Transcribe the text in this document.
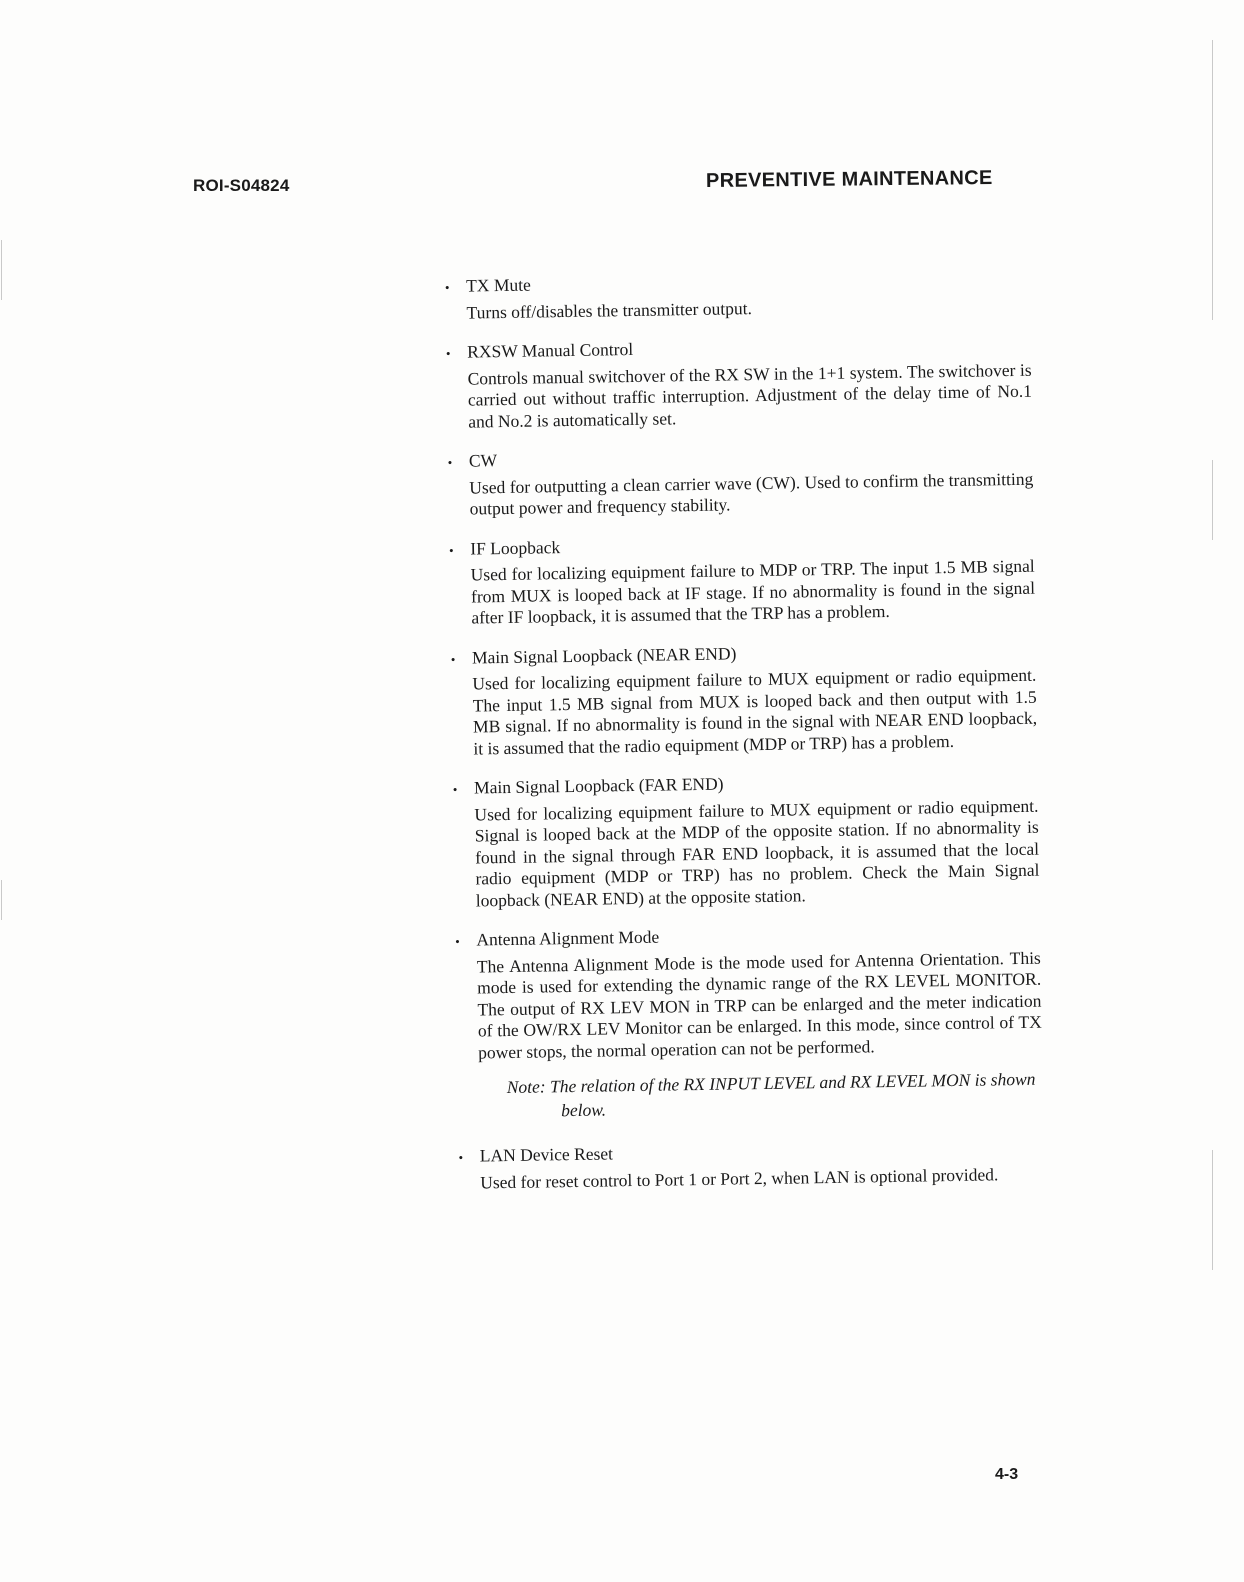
ROI-S04824	PREVENTIVE MAINTENANCE
• TX Mute
Turns off/disables the transmitter output.
• RXSW Manual Control
Controls manual switchover of the RX SW in the 1+1 system. The switchover is carried out without traffic interruption. Adjustment of the delay time of No.1 and No.2 is automatically set.
• CW
Used for outputting a clean carrier wave (CW). Used to confirm the transmitting output power and frequency stability.
• IF Loopback
Used for localizing equipment failure to MDP or TRP. The input 1.5 MB signal from MUX is looped back at IF stage. If no abnormality is found in the signal after IF loopback, it is assumed that the TRP has a problem.
• Main Signal Loopback (NEAR END)
Used for localizing equipment failure to MUX equipment or radio equipment. The input 1.5 MB signal from MUX is looped back and then output with 1.5 MB signal. If no abnormality is found in the signal with NEAR END loopback, it is assumed that the radio equipment (MDP or TRP) has a problem.
• Main Signal Loopback (FAR END)
Used for localizing equipment failure to MUX equipment or radio equipment. Signal is looped back at the MDP of the opposite station. If no abnormality is found in the signal through FAR END loopback, it is assumed that the local radio equipment (MDP or TRP) has no problem. Check the Main Signal loopback (NEAR END) at the opposite station.
• Antenna Alignment Mode
The Antenna Alignment Mode is the mode used for Antenna Orientation. This mode is used for extending the dynamic range of the RX LEVEL MONITOR. The output of RX LEV MON in TRP can be enlarged and the meter indication of the OW/RX LEV Monitor can be enlarged. In this mode, since control of TX power stops, the normal operation can not be performed.
Note: The relation of the RX INPUT LEVEL and RX LEVEL MON is shown below.
• LAN Device Reset
Used for reset control to Port 1 or Port 2, when LAN is optional provided.
4-3
